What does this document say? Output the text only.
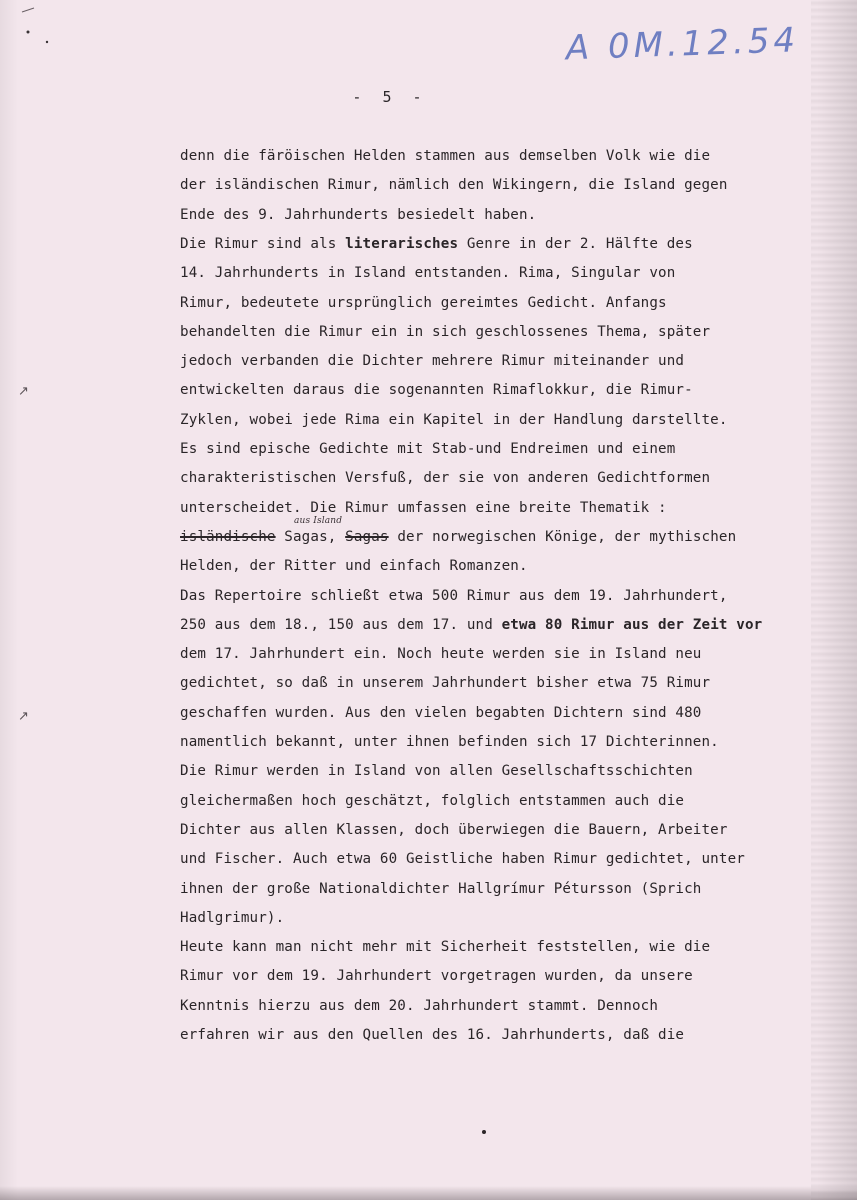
A 0M.12.54
- 5 -
↗
↗
denn die färöischen Helden stammen aus demselben Volk wie die
der isländischen Rimur, nämlich den Wikingern, die Island gegen
Ende des 9. Jahrhunderts besiedelt haben.
Die Rimur sind als literarisches Genre in der 2. Hälfte des
14. Jahrhunderts in Island entstanden. Rima, Singular von
Rimur, bedeutete ursprünglich gereimtes Gedicht. Anfangs
behandelten die Rimur ein in sich geschlossenes Thema, später
jedoch verbanden die Dichter mehrere Rimur miteinander und
entwickelten daraus die sogenannten Rimaflokkur, die Rimur-
Zyklen, wobei jede Rima ein Kapitel in der Handlung darstellte.
Es sind epische Gedichte mit Stab-und Endreimen und einem
charakteristischen Versfuß, der sie von anderen Gedichtformen
unterscheidet. Die Rimur umfassen eine breite Thematik :
isländische Sagas, Sagas der norwegischen Könige, der mythischen
aus Island
Helden, der Ritter und einfach Romanzen.
Das Repertoire schließt etwa 500 Rimur aus dem 19. Jahrhundert,
250 aus dem 18., 150 aus dem 17. und etwa 80 Rimur aus der Zeit vor
dem 17. Jahrhundert ein. Noch heute werden sie in Island neu
gedichtet, so daß in unserem Jahrhundert bisher etwa 75 Rimur
geschaffen wurden. Aus den vielen begabten Dichtern sind 480
namentlich bekannt, unter ihnen befinden sich 17 Dichterinnen.
Die Rimur werden in Island von allen Gesellschaftsschichten
gleichermaßen hoch geschätzt, folglich entstammen auch die
Dichter aus allen Klassen, doch überwiegen die Bauern, Arbeiter
und Fischer. Auch etwa 60 Geistliche haben Rimur gedichtet, unter
ihnen der große Nationaldichter Hallgrímur Pétursson (Sprich
Hadlgrimur).
Heute kann man nicht mehr mit Sicherheit feststellen, wie die
Rimur vor dem 19. Jahrhundert vorgetragen wurden, da unsere
Kenntnis hierzu aus dem 20. Jahrhundert stammt. Dennoch
erfahren wir aus den Quellen des 16. Jahrhunderts, daß die
